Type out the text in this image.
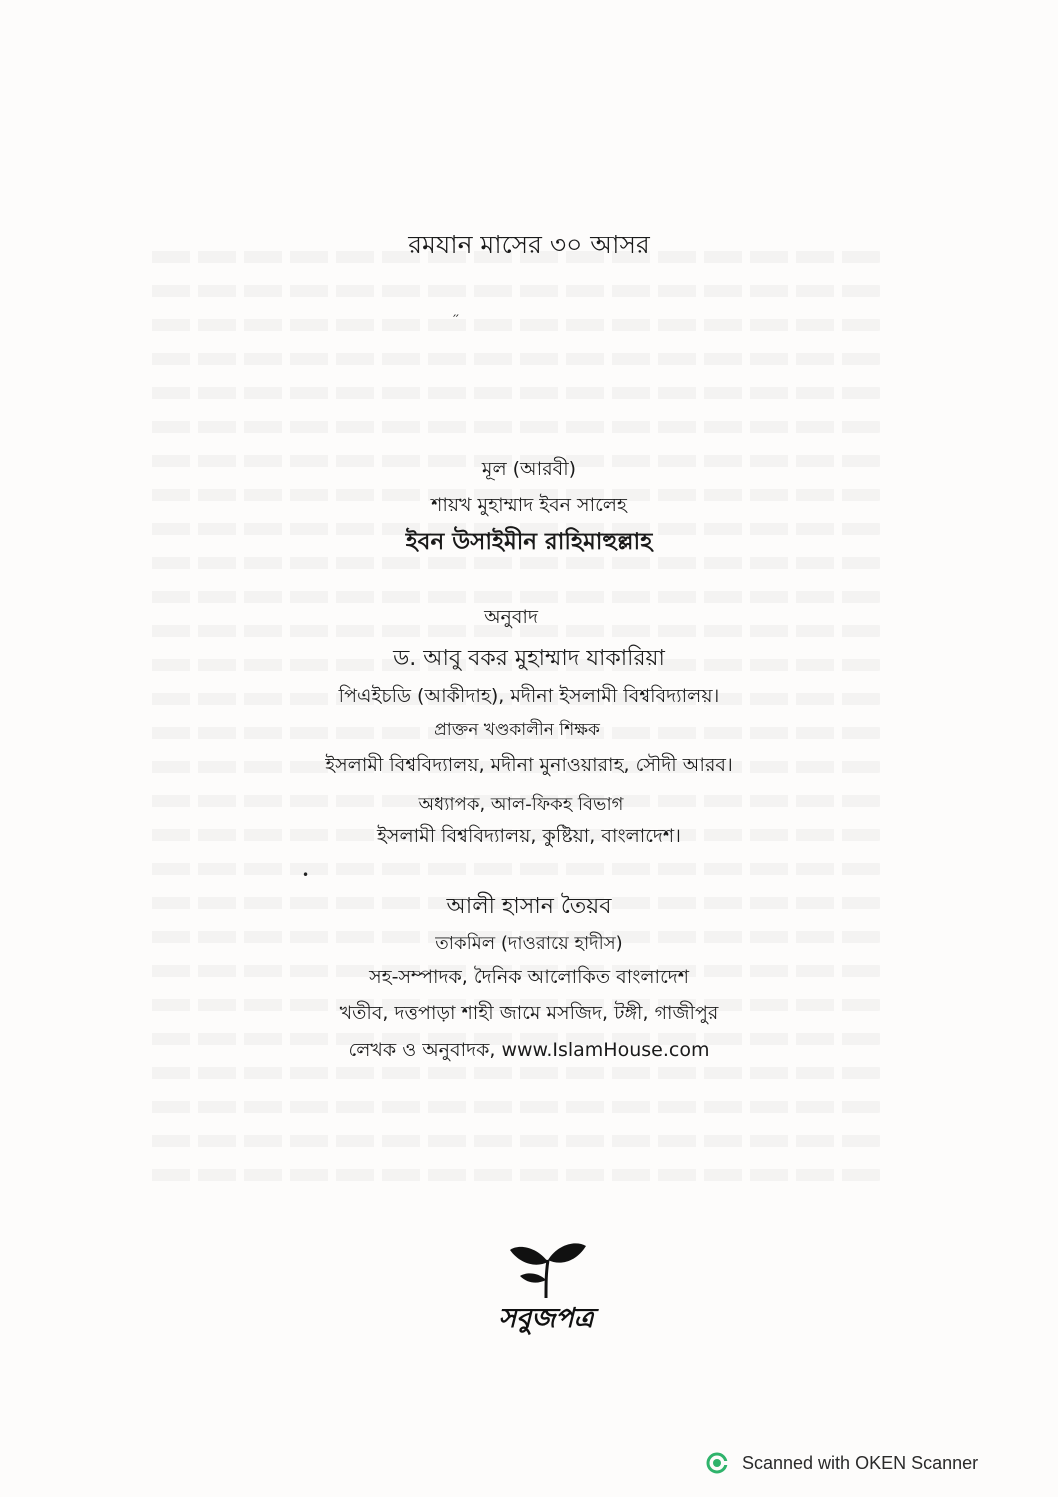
রমযান মাসের ৩০ আসর
״
মূল (আরবী)
শায়খ মুহাম্মাদ ইবন সালেহ
ইবন উসাইমীন রাহিমাহুল্লাহ
অনুবাদ
ড. আবু বকর মুহাম্মাদ যাকারিয়া
পিএইচডি (আকীদাহ), মদীনা ইসলামী বিশ্ববিদ্যালয়।
প্রাক্তন খণ্ডকালীন শিক্ষক
ইসলামী বিশ্ববিদ্যালয়, মদীনা মুনাওয়ারাহ, সৌদী আরব।
অধ্যাপক, আল-ফিকহ বিভাগ
ইসলামী বিশ্ববিদ্যালয়, কুষ্টিয়া, বাংলাদেশ।
•
আলী হাসান তৈয়ব
তাকমিল (দাওরায়ে হাদীস)
সহ-সম্পাদক, দৈনিক আলোকিত বাংলাদেশ
খতীব, দত্তপাড়া শাহী জামে মসজিদ, টঙ্গী, গাজীপুর
লেখক ও অনুবাদক, www.IslamHouse.com
সবুজপত্র
Scanned with OKEN Scanner
